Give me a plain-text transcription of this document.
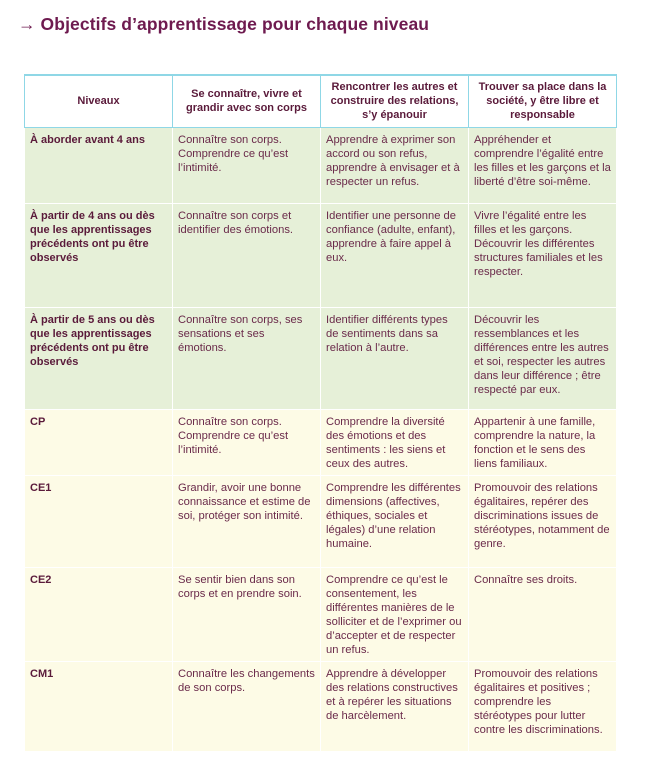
→ Objectifs d’apprentissage pour chaque niveau
Niveaux	Se connaître, vivre et grandir avec son corps	Rencontrer les autres et construire des relations, s’y épanouir	Trouver sa place dans la société, y être libre et responsable
À aborder avant 4 ans	Connaître son corps. Comprendre ce qu’est l’intimité.	Apprendre à exprimer son accord ou son refus, apprendre à envisager et à respecter un refus.	Appréhender et comprendre l’égalité entre les filles et les garçons et la liberté d’être soi-même.
À partir de 4 ans ou dès que les apprentissages précédents ont pu être observés	Connaître son corps et identifier des émotions.	Identifier une personne de confiance (adulte, enfant), apprendre à faire appel à eux.	Vivre l’égalité entre les filles et les garçons. Découvrir les différentes structures familiales et les respecter.
À partir de 5 ans ou dès que les apprentissages précédents ont pu être observés	Connaître son corps, ses sensations et ses émotions.	Identifier différents types de sentiments dans sa relation à l’autre.	Découvrir les ressemblances et les différences entre les autres et soi, respecter les autres dans leur différence ; être respecté par eux.
CP	Connaître son corps. Comprendre ce qu’est l’intimité.	Comprendre la diversité des émotions et des sentiments : les siens et ceux des autres.	Appartenir à une famille, comprendre la nature, la fonction et le sens des liens familiaux.
CE1	Grandir, avoir une bonne connaissance et estime de soi, protéger son intimité.	Comprendre les différentes dimensions (affectives, éthiques, sociales et légales) d’une relation humaine.	Promouvoir des relations égalitaires, repérer des discriminations issues de stéréotypes, notamment de genre.
CE2	Se sentir bien dans son corps et en prendre soin.	Comprendre ce qu’est le consentement, les différentes manières de le solliciter et de l’exprimer ou d’accepter et de respecter un refus.	Connaître ses droits.
CM1	Connaître les changements de son corps.	Apprendre à développer des relations constructives et à repérer les situations de harcèlement.	Promouvoir des relations égalitaires et positives ; comprendre les stéréotypes pour lutter contre les discriminations.
